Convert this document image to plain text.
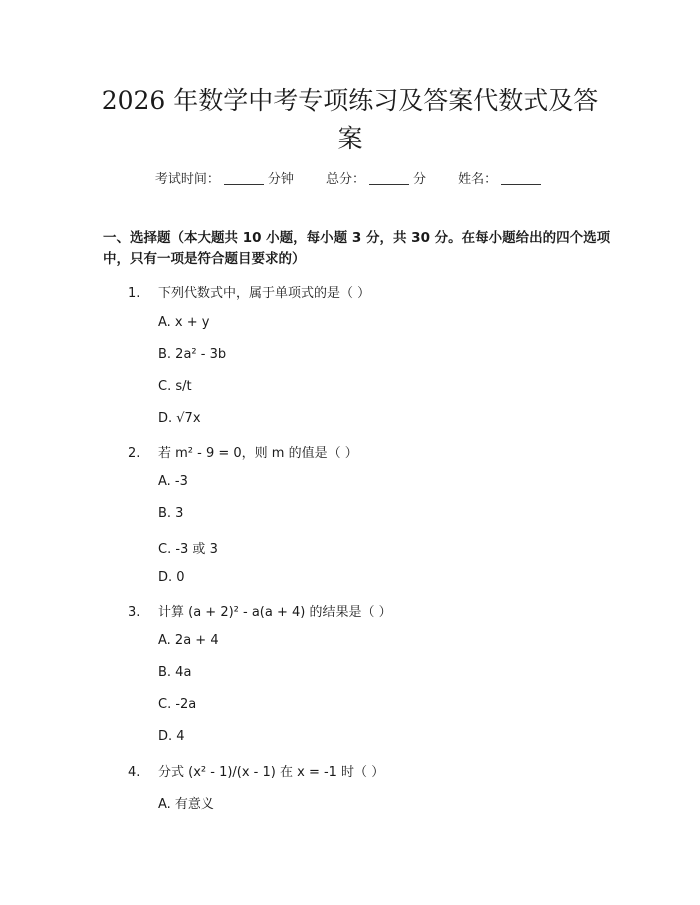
2026 年数学中考专项练习及答案代数式及答案
考试时间：	分钟 总分：	分 姓名：
一、选择题（本大题共 10 小题，每小题 3 分，共 30 分。在每小题给出的四个选项中，只有一项是符合题目要求的）
1. 下列代数式中，属于单项式的是（ ）
A. x + y
B. 2a² - 3b
C. s/t
D. √7x
2. 若 m² - 9 = 0，则 m 的值是（ ）
A. -3
B. 3
C. -3 或 3
D. 0
3. 计算 (a + 2)² - a(a + 4) 的结果是（ ）
A. 2a + 4
B. 4a
C. -2a
D. 4
4. 分式 (x² - 1)/(x - 1) 在 x = -1 时（ ）
A. 有意义
